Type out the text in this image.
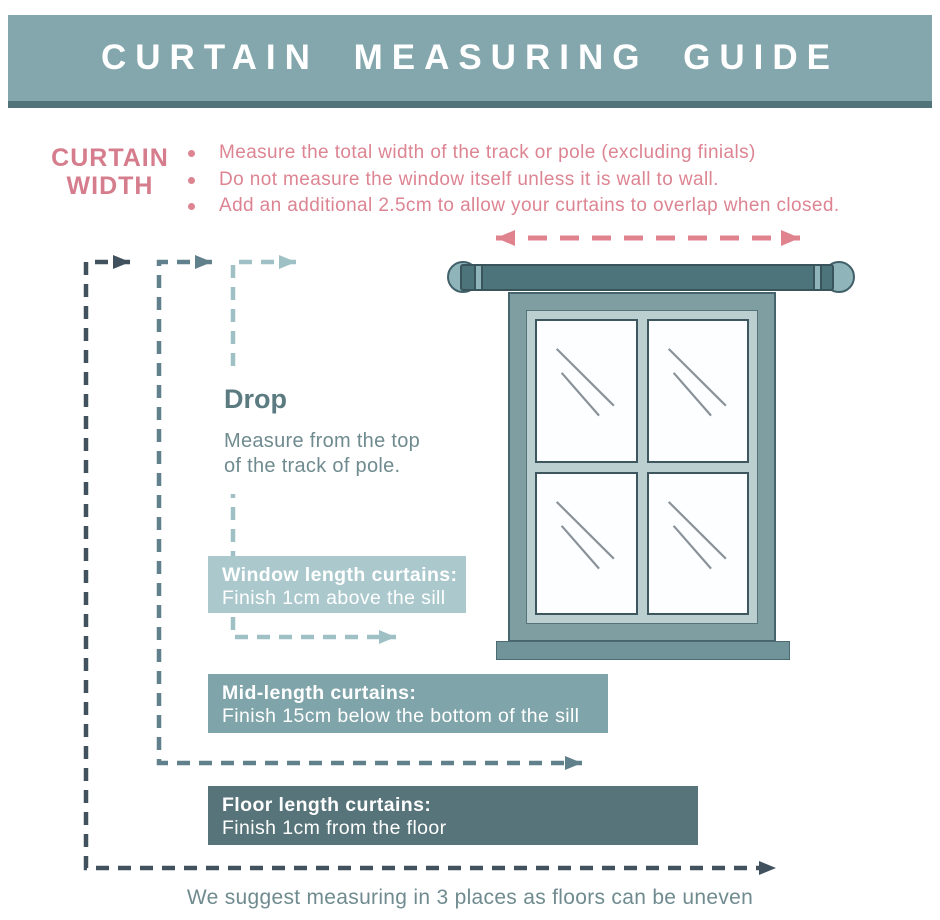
CURTAIN MEASURING GUIDE
CURTAIN
WIDTH
Measure the total width of the track or pole (excluding finials)
Do not measure the window itself unless it is wall to wall.
Add an additional 2.5cm to allow your curtains to overlap when closed.
Drop
Measure from the top
of the track of pole.
Window length curtains:
Finish 1cm above the sill
Mid-length curtains:
Finish 15cm below the bottom of the sill
Floor length curtains:
Finish 1cm from the floor
We suggest measuring in 3 places as floors can be uneven
